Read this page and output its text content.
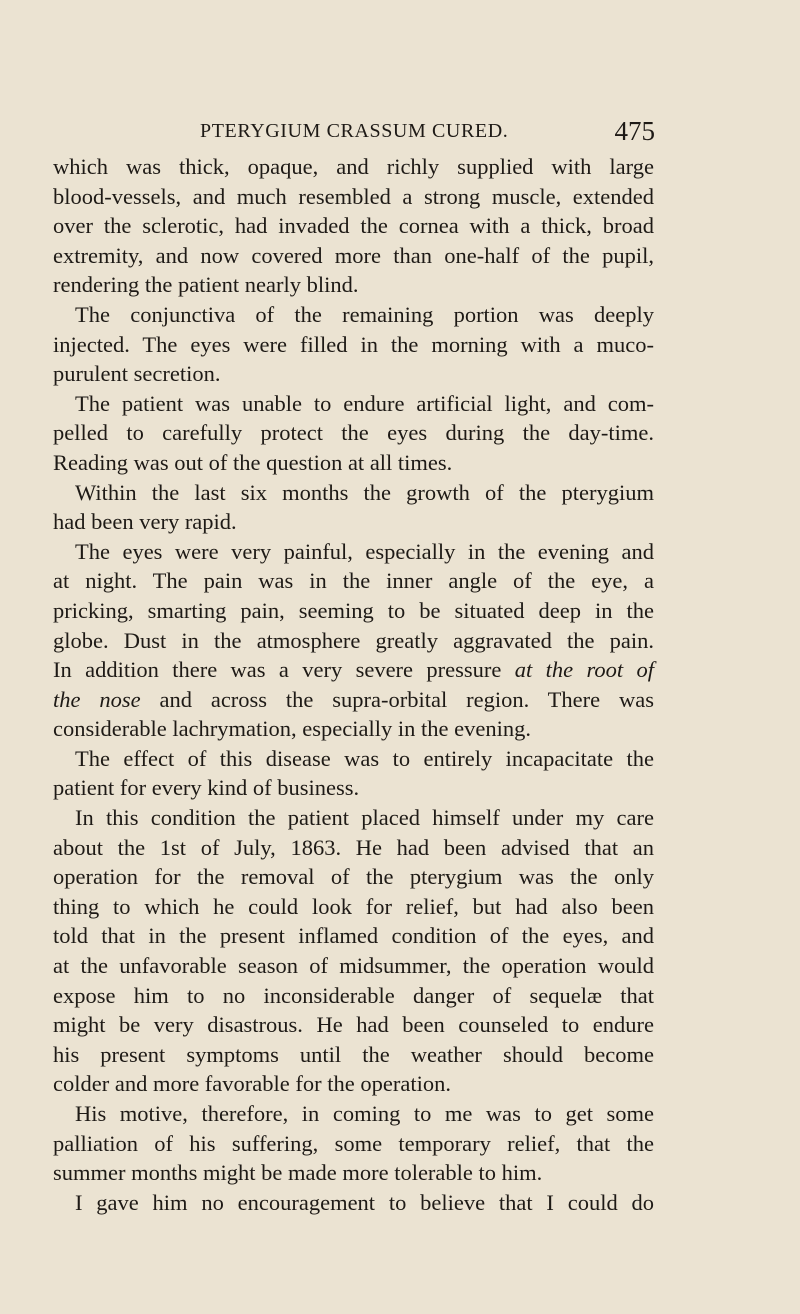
PTERYGIUM CRASSUM CURED.	475
which was thick, opaque, and richly supplied with large
blood-vessels, and much resembled a strong muscle, extended
over the sclerotic, had invaded the cornea with a thick, broad
extremity, and now covered more than one-half of the pupil,
rendering the patient nearly blind.
The conjunctiva of the remaining portion was deeply
injected. The eyes were filled in the morning with a muco-
purulent secretion.
The patient was unable to endure artificial light, and com-
pelled to carefully protect the eyes during the day-time.
Reading was out of the question at all times.
Within the last six months the growth of the pterygium
had been very rapid.
The eyes were very painful, especially in the evening and
at night. The pain was in the inner angle of the eye, a
pricking, smarting pain, seeming to be situated deep in the
globe. Dust in the atmosphere greatly aggravated the pain.
In addition there was a very severe pressure at the root of
the nose and across the supra-orbital region. There was
considerable lachrymation, especially in the evening.
The effect of this disease was to entirely incapacitate the
patient for every kind of business.
In this condition the patient placed himself under my care
about the 1st of July, 1863. He had been advised that an
operation for the removal of the pterygium was the only
thing to which he could look for relief, but had also been
told that in the present inflamed condition of the eyes, and
at the unfavorable season of midsummer, the operation would
expose him to no inconsiderable danger of sequelæ that
might be very disastrous. He had been counseled to endure
his present symptoms until the weather should become
colder and more favorable for the operation.
His motive, therefore, in coming to me was to get some
palliation of his suffering, some temporary relief, that the
summer months might be made more tolerable to him.
I gave him no encouragement to believe that I could do
